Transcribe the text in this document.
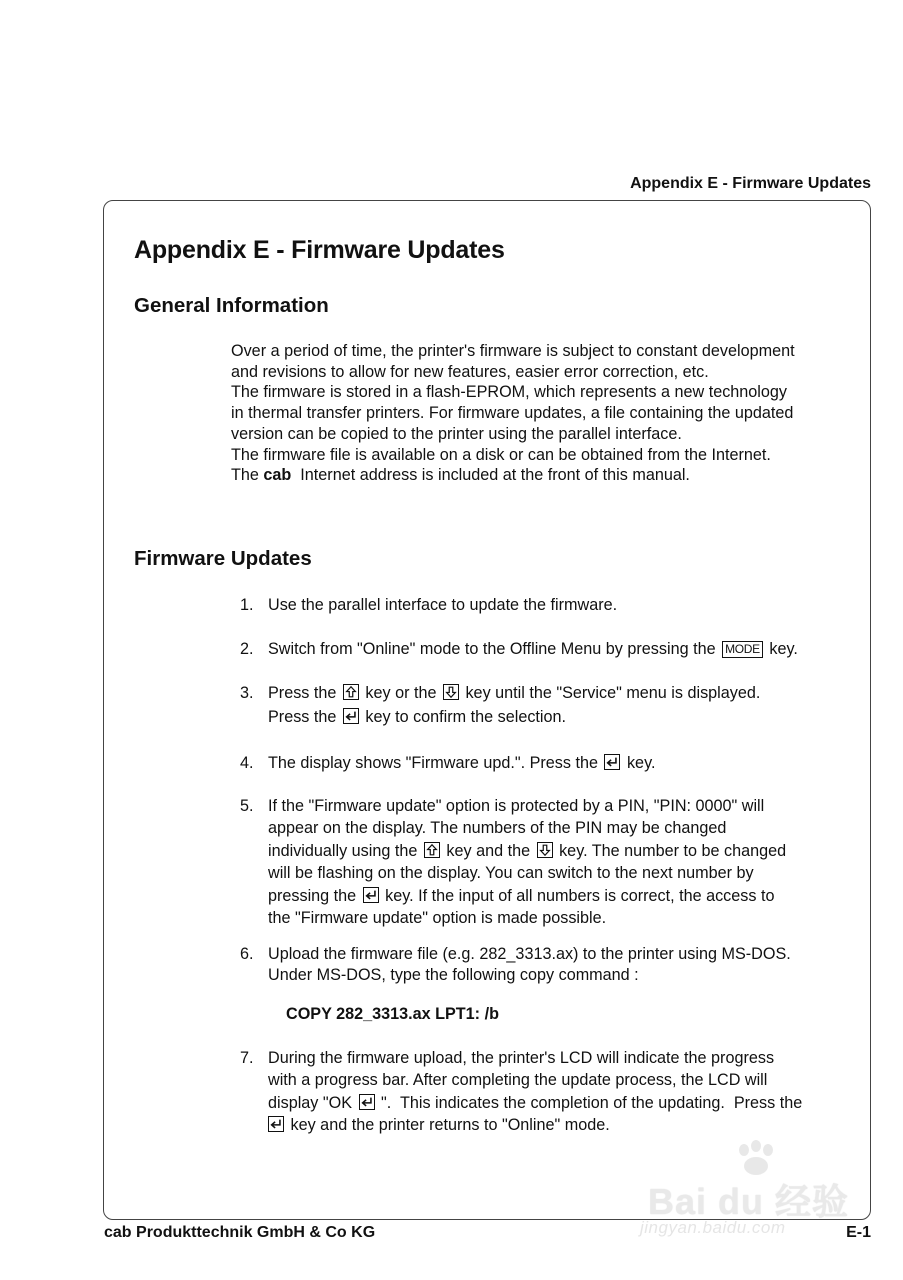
Appendix E - Firmware Updates
Appendix E - Firmware Updates
General Information
Over a period of time, the printer's firmware is subject to constant development
and revisions to allow for new features, easier error correction, etc.
The firmware is stored in a flash-EPROM, which represents a new technology
in thermal transfer printers. For firmware updates, a file containing the updated
version can be copied to the printer using the parallel interface.
The firmware file is available on a disk or can be obtained from the Internet.
The cab  Internet address is included at the front of this manual.
Firmware Updates
1. Use the parallel interface to update the firmware.
2. Switch from "Online" mode to the Offline Menu by pressing the MODE key.
3. Press the
key or the
key until the "Service" menu is displayed.
Press the
key to confirm the selection.
4. The display shows "Firmware upd.". Press the
key.
5. If the "Firmware update" option is protected by a PIN, "PIN: 0000" will
appear on the display. The numbers of the PIN may be changed
individually using the
key and the
key. The number to be changed
will be flashing on the display. You can switch to the next number by
pressing the
key. If the input of all numbers is correct, the access to
the "Firmware update" option is made possible.
6. Upload the firmware file (e.g. 282_3313.ax) to the printer using MS-DOS.
Under MS-DOS, type the following copy command :
COPY 282_3313.ax LPT1: /b
7. During the firmware upload, the printer's LCD will indicate the progress
with a progress bar. After completing the update process, the LCD will
display "OK
".  This indicates the completion of the updating.  Press the
key and the printer returns to "Online" mode.
Bai du 经验
jingyan.baidu.com
cab Produkttechnik GmbH & Co KG	E-1
